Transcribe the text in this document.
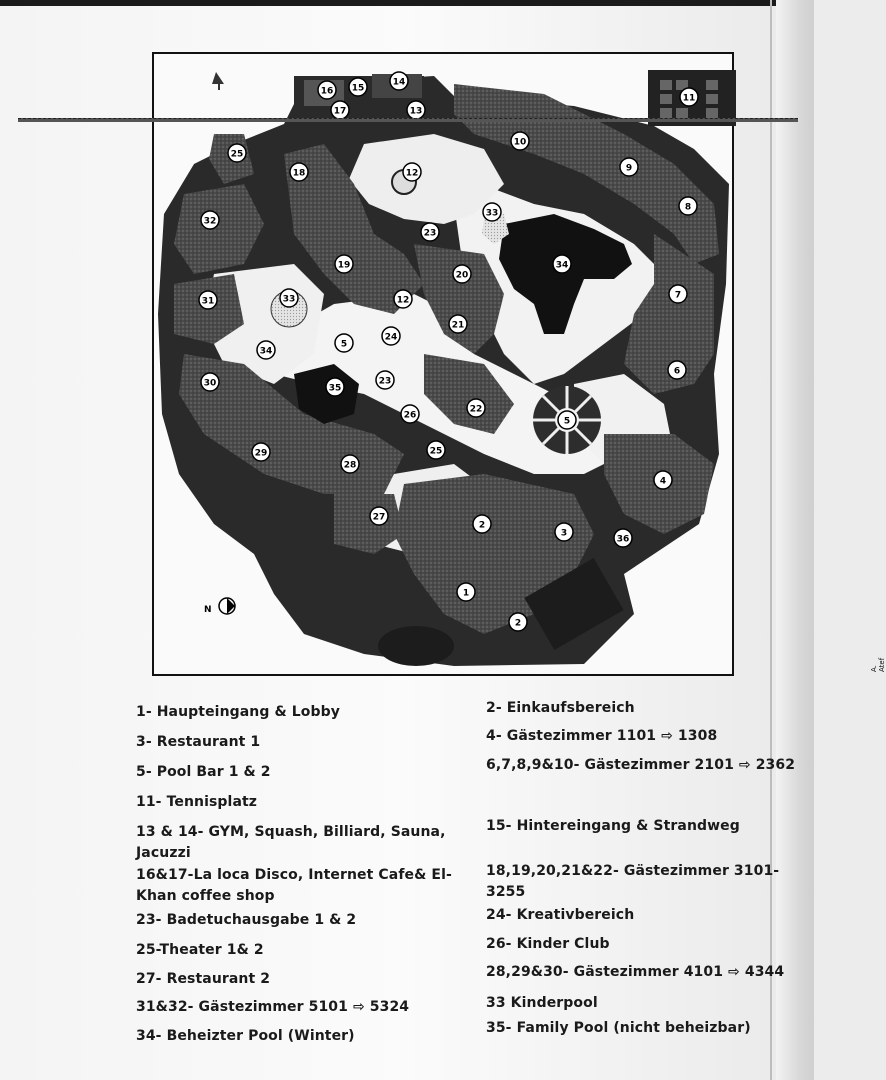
16 15
14
17	13
11
25
18	12
10
9
8
32
33
23
19	34
20
7
31	33	12
21
5
24
34
6
30	35
23
22
26
5
25
29
28
4
27
2
3
36
1
2
N
A. Atef
1- Haupteingang & Lobby
3- Restaurant 1
5- Pool Bar 1 & 2
11- Tennisplatz
13 & 14- GYM, Squash, Billiard, Sauna, Jacuzzi
16&17-La loca Disco, Internet Cafe& El-Khan coffee shop
23- Badetuchausgabe 1 & 2
25-Theater 1& 2
27- Restaurant 2
31&32- Gästezimmer 5101 ⇨ 5324
34- Beheizter Pool (Winter)
2- Einkaufsbereich
4- Gästezimmer 1101 ⇨ 1308
6,7,8,9&10- Gästezimmer 2101 ⇨ 2362
15- Hintereingang & Strandweg
18,19,20,21&22- Gästezimmer 3101-3255
24- Kreativbereich
26- Kinder Club
28,29&30- Gästezimmer 4101 ⇨ 4344
33 Kinderpool
35- Family Pool (nicht beheizbar)
